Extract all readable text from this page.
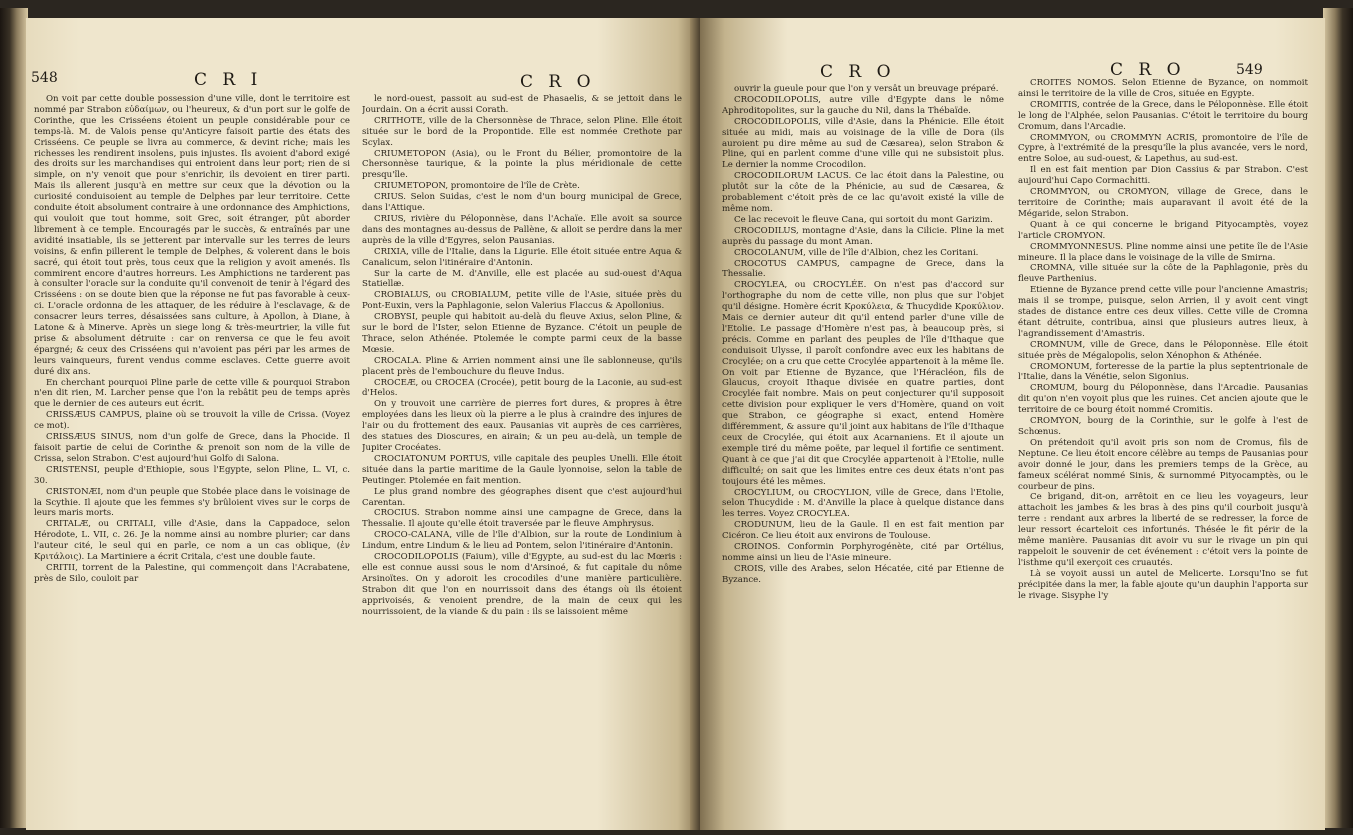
548	C R I	C R O

On voit par cette double possession d'une ville, dont le territoire est nommé par Strabon εὐδαίμων, ou l'heureux, & d'un port sur le golfe de Corinthe, que les Crisséens étoient un peuple considérable pour ce temps-là. M. de Valois pense qu'Anticyre faisoit partie des états des Crisséens. Ce peuple se livra au commerce, & devint riche; mais les richesses les rendirent insolens, puis injustes. Ils avoient d'abord exigé des droits sur les marchandises qui entroient dans leur port; rien de si simple, on n'y venoit que pour s'enrichir, ils devoient en tirer parti. Mais ils allerent jusqu'à en mettre sur ceux que la dévotion ou la curiosité conduisoient au temple de Delphes par leur territoire. Cette conduite étoit absolument contraire à une ordonnance des Amphictions, qui vouloit que tout homme, soit Grec, soit étranger, pût aborder librement à ce temple. Encouragés par le succès, & entraînés par une avidité insatiable, ils se jetterent par intervalle sur les terres de leurs voisins, & enfin pillerent le temple de Delphes, & volerent dans le bois sacré, qui étoit tout près, tous ceux que la religion y avoit amenés. Ils commirent encore d'autres horreurs. Les Amphictions ne tarderent pas à consulter l'oracle sur la conduite qu'il convenoit de tenir à l'égard des Crisséens : on se doute bien que la réponse ne fut pas favorable à ceux-ci. L'oracle ordonna de les attaquer, de les réduire à l'esclavage, & de consacrer leurs terres, désaissées sans culture, à Apollon, à Diane, à Latone & à Minerve. Après un siege long & très-meurtrier, la ville fut prise & absolument détruite : car on renversa ce que le feu avoit épargné; & ceux des Crisséens qui n'avoient pas péri par les armes de leurs vainqueurs, furent vendus comme esclaves. Cette guerre avoit duré dix ans.

En cherchant pourquoi Pline parle de cette ville & pourquoi Strabon n'en dit rien, M. Larcher pense que l'on la rebâtit peu de temps après que le dernier de ces auteurs eut écrit.

CRISSÆUS CAMPUS, plaine où se trouvoit la ville de Crissa. (Voyez ce mot).

CRISSÆUS SINUS, nom d'un golfe de Grece, dans la Phocide. Il faisoit partie de celui de Corinthe & prenoit son nom de la ville de Crissa, selon Strabon. C'est aujourd'hui Golfo di Salona.

CRISTENSI, peuple d'Ethiopie, sous l'Egypte, selon Pline, L. VI, c. 30.

CRISTONÆI, nom d'un peuple que Stobée place dans le voisinage de la Scythie. Il ajoute que les femmes s'y brûloient vives sur le corps de leurs maris morts.

CRITALÆ, ou CRITALI, ville d'Asie, dans la Cappadoce, selon Hérodote, L. VII, c. 26. Je la nomme ainsi au nombre plurier; car dans l'auteur cité, le seul qui en parle, ce nom a un cas oblique, (ἐν Κριτάλοις). La Martiniere a écrit Critala, c'est une double faute.

CRITII, torrent de la Palestine, qui commençoit dans l'Acrabatene, près de Silo, couloit par

le nord-ouest, passoit au sud-est de Phasaelis, & se jettoit dans le Jourdain. On a écrit aussi Corath.

CRITHOTE, ville de la Chersonnèse de Thrace, selon Pline. Elle étoit située sur le bord de la Propontide. Elle est nommée Crethote par Scylax.

CRIUMETOPON (Asia), ou le Front du Bélier, promontoire de la Chersonnèse taurique, & la pointe la plus méridionale de cette presqu'île.

CRIUMETOPON, promontoire de l'île de Crète.

CRIUS. Selon Suidas, c'est le nom d'un bourg municipal de Grece, dans l'Attique.

CRIUS, rivière du Péloponnèse, dans l'Achaïe. Elle avoit sa source dans des montagnes au-dessus de Pallène, & alloit se perdre dans la mer auprès de la ville d'Egyres, selon Pausanias.

CRIXIA, ville de l'Italie, dans la Ligurie. Elle étoit située entre Aqua & Canalicum, selon l'itinéraire d'Antonin.

Sur la carte de M. d'Anville, elle est placée au sud-ouest d'Aqua Statiellæ.

CROBIALUS, ou CROBIALUM, petite ville de l'Asie, située près du Pont-Euxin, vers la Paphlagonie, selon Valerius Flaccus & Apollonius.

CROBYSI, peuple qui habitoit au-delà du fleuve Axius, selon Pline, & sur le bord de l'Ister, selon Etienne de Byzance. C'étoit un peuple de Thrace, selon Athénée. Ptolemée le compte parmi ceux de la basse Mœsie.

CROCALA. Pline & Arrien nomment ainsi une île sablonneuse, qu'ils placent près de l'embouchure du fleuve Indus.

CROCEÆ, ou CROCEA (Crocée), petit bourg de la Laconie, au sud-est d'Helos.

On y trouvoit une carrière de pierres fort dures, & propres à être employées dans les lieux où la pierre a le plus à craindre des injures de l'air ou du frottement des eaux. Pausanias vit auprès de ces carrières, des statues des Dioscures, en airain; & un peu au-delà, un temple de Jupiter Crocéates.

CROCIATONUM PORTUS, ville capitale des peuples Unelli. Elle étoit située dans la partie maritime de la Gaule lyonnoise, selon la table de Peutinger. Ptolemée en fait mention.

Le plus grand nombre des géographes disent que c'est aujourd'hui Carentan.

CROCIUS. Strabon nomme ainsi une campagne de Grece, dans la Thessalie. Il ajoute qu'elle étoit traversée par le fleuve Amphrysus.

CROCO-CALANA, ville de l'île d'Albion, sur la route de Londinium à Lindum, entre Lindum & le lieu ad Pontem, selon l'itinéraire d'Antonin.

CROCODILOPOLIS (Faium), ville d'Egypte, au sud-est du lac Mœris : elle est connue aussi sous le nom d'Arsinoé, & fut capitale du nôme Arsinoïtes. On y adoroit les crocodiles d'une manière particulière. Strabon dit que l'on en nourrissoit dans des étangs où ils étoient apprivoisés, & venoient prendre, de la main de ceux qui les nourrissoient, de la viande & du pain : ils se laissoient même

C R O	C R O	549

ouvrir la gueule pour que l'on y versât un breuvage préparé.

CROCODILOPOLIS, autre ville d'Egypte dans le nôme Aphroditopolites, sur la gauche du Nil, dans la Thébaïde.

CROCODILOPOLIS, ville d'Asie, dans la Phénicie. Elle étoit située au midi, mais au voisinage de la ville de Dora (ils auroient pu dire même au sud de Cæsarea), selon Strabon & Pline, qui en parlent comme d'une ville qui ne subsistoit plus. Le dernier la nomme Crocodilon.

CROCODILORUM LACUS. Ce lac étoit dans la Palestine, ou plutôt sur la côte de la Phénicie, au sud de Cæsarea, & probablement c'étoit près de ce lac qu'avoit existé la ville de même nom.

Ce lac recevoit le fleuve Cana, qui sortoit du mont Garizim.

CROCODILUS, montagne d'Asie, dans la Cilicie. Pline la met auprès du passage du mont Aman.

CROCOLANUM, ville de l'île d'Albion, chez les Coritani.

CROCOTUS CAMPUS, campagne de Grece, dans la Thessalie.

CROCYLEA, ou CROCYLÉE. On n'est pas d'accord sur l'orthographe du nom de cette ville, non plus que sur l'objet qu'il désigne. Homère écrit Κροκύλεια, & Thucydide Κροκύλιον. Mais ce dernier auteur dit qu'il entend parler d'une ville de l'Etolie. Le passage d'Homère n'est pas, à beaucoup près, si précis. Comme en parlant des peuples de l'île d'Ithaque que conduisoit Ulysse, il paroît confondre avec eux les habitans de Crocylée; on a cru que cette Crocylée appartenoit à la même île. On voit par Etienne de Byzance, que l'Héracléon, fils de Glaucus, croyoit Ithaque divisée en quatre parties, dont Crocylée fait nombre. Mais on peut conjecturer qu'il supposoit cette division pour expliquer le vers d'Homère, quand on voit que Strabon, ce géographe si exact, entend Homère différemment, & assure qu'il joint aux habitans de l'île d'Ithaque ceux de Crocylée, qui étoit aux Acarnaniens. Et il ajoute un exemple tiré du même poëte, par lequel il fortifie ce sentiment. Quant à ce que j'ai dit que Crocylée appartenoit à l'Etolie, nulle difficulté; on sait que les limites entre ces deux états n'ont pas toujours été les mêmes.

CROCYLIUM, ou CROCYLION, ville de Grece, dans l'Etolie, selon Thucydide : M. d'Anville la place à quelque distance dans les terres. Voyez CROCYLEA.

CRODUNUM, lieu de la Gaule. Il en est fait mention par Cicéron. Ce lieu étoit aux environs de Toulouse.

CROINOS. Conformin Porphyrogénète, cité par Ortélius, nomme ainsi un lieu de l'Asie mineure.

CROIS, ville des Arabes, selon Hécatée, cité par Etienne de Byzance.

CROITES NOMOS. Selon Etienne de Byzance, on nommoit ainsi le territoire de la ville de Cros, située en Egypte.

CROMITIS, contrée de la Grece, dans le Péloponnèse. Elle étoit le long de l'Alphée, selon Pausanias. C'étoit le territoire du bourg Cromum, dans l'Arcadie.

CROMMYON, ou CROMMYN ACRIS, promontoire de l'île de Cypre, à l'extrémité de la presqu'île la plus avancée, vers le nord, entre Soloe, au sud-ouest, & Lapethus, au sud-est.

Il en est fait mention par Dion Cassius & par Strabon. C'est aujourd'hui Capo Cormachitti.

CROMMYON, ou CROMYON, village de Grece, dans le territoire de Corinthe; mais auparavant il avoit été de la Mégaride, selon Strabon.

Quant à ce qui concerne le brigand Pityocamptès, voyez l'article CROMYON.

CROMMYONNESUS. Pline nomme ainsi une petite île de l'Asie mineure. Il la place dans le voisinage de la ville de Smirna.

CROMNA, ville située sur la côte de la Paphlagonie, près du fleuve Parthenius.

Etienne de Byzance prend cette ville pour l'ancienne Amastris; mais il se trompe, puisque, selon Arrien, il y avoit cent vingt stades de distance entre ces deux villes. Cette ville de Cromna étant détruite, contribua, ainsi que plusieurs autres lieux, à l'agrandissement d'Amastris.

CROMNUM, ville de Grece, dans le Péloponnèse. Elle étoit située près de Mégalopolis, selon Xénophon & Athénée.

CROMONUM, forteresse de la partie la plus septentrionale de l'Italie, dans la Vénétie, selon Sigonius.

CROMUM, bourg du Péloponnèse, dans l'Arcadie. Pausanias dit qu'on n'en voyoit plus que les ruines. Cet ancien ajoute que le territoire de ce bourg étoit nommé Cromitis.

CROMYON, bourg de la Corinthie, sur le golfe à l'est de Schœnus.

On prétendoit qu'il avoit pris son nom de Cromus, fils de Neptune. Ce lieu étoit encore célèbre au temps de Pausanias pour avoir donné le jour, dans les premiers temps de la Grèce, au fameux scélérat nommé Sinis, & surnommé Pityocamptès, ou le courbeur de pins.

Ce brigand, dit-on, arrêtoit en ce lieu les voyageurs, leur attachoit les jambes & les bras à des pins qu'il courboit jusqu'à terre : rendant aux arbres la liberté de se redresser, la force de leur ressort écarteloit ces infortunés. Thésée le fit périr de la même manière. Pausanias dit avoir vu sur le rivage un pin qui rappeloit le souvenir de cet événement : c'étoit vers la pointe de l'isthme qu'il exerçoit ces cruautés.

Là se voyoit aussi un autel de Melicerte. Lorsqu'Ino se fut précipitée dans la mer, la fable ajoute qu'un dauphin l'apporta sur le rivage. Sisyphe l'y
